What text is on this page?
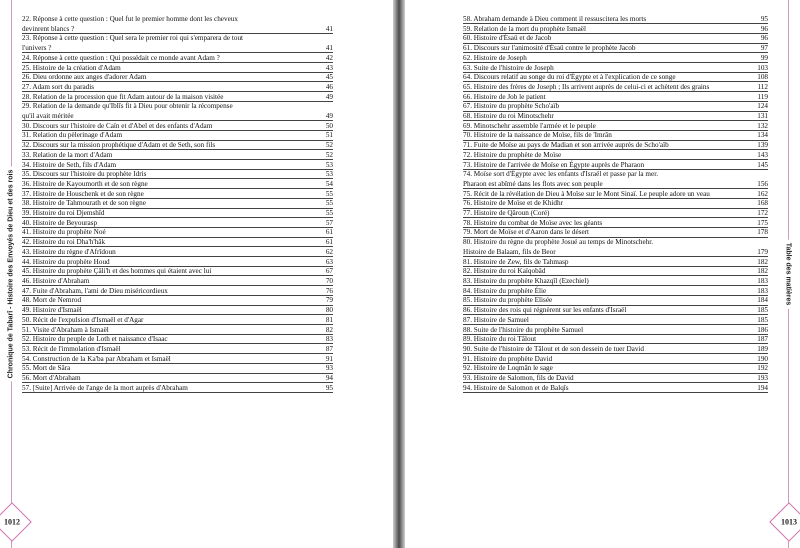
Chronique de Tabarî - Histoire des Envoyés de Dieu et des rois
22. Réponse à cette question : Quel fut le premier homme dont les cheveux
devinrent blancs ?	41
23. Réponse à cette question : Quel sera le premier roi qui s'emparera de tout
l'univers ?	41
24. Réponse à cette question : Qui possédait ce monde avant Adam ?	42
25. Histoire de la création d'Adam	43
26. Dieu ordonne aux anges d'adorer Adam	45
27. Adam sort du paradis	46
28. Relation de la procession que fit Adam autour de la maison visitée	49
29. Relation de la demande qu'Iblîs fit à Dieu pour obtenir la récompense
qu'il avait méritée	49
30. Discours sur l'histoire de Caïn et d'Abel et des enfants d'Adam	50
31. Relation du pèlerinage d'Adam	51
32. Discours sur la mission prophétique d'Adam et de Seth, son fils	52
33. Relation de la mort d'Adam	52
34. Histoire de Seth, fils d'Adam	53
35. Discours sur l'histoire du prophète Idris	53
36. Histoire de Kayoumorth et de son règne	54
37. Histoire de Houschenk et de son règne	55
38. Histoire de Tahmourath et de son règne	55
39. Histoire du roi Djemshîd	55
40. Histoire de Beyourasp	57
41. Histoire du prophète Noé	61
42. Histoire du roi Dha'h'hâk	61
43. Histoire du règne d'Afrîdoun	62
44. Histoire du prophète Houd	63
45. Histoire du prophète Çâli'h et des hommes qui étaient avec lui	67
46. Histoire d'Abraham	70
47. Fuite d'Abraham, l'ami de Dieu miséricordieux	76
48. Mort de Nemrod	79
49. Histoire d'Ismaël	80
50. Récit de l'expulsion d'Ismaël et d'Agar	81
51. Visite d'Abraham à Ismaël	82
52. Histoire du peuple de Loth et naissance d'Isaac	83
53. Récit de l'immolation d'Ismaël	87
54. Construction de la Ka'ba par Abraham et Ismaël	91
55. Mort de Sâra	93
56. Mort d'Abraham	94
57. [Suite] Arrivée de l'ange de la mort auprès d'Abraham	95
1012
58. Abraham demande à Dieu comment il ressuscitera les morts	95
59. Relation de la mort du prophète Ismaël	96
60. Histoire d'Ésaü et de Jacob	96
61. Discours sur l'animosité d'Ésaü contre le prophète Jacob	97
62. Histoire de Joseph	99
63. Suite de l'histoire de Joseph	103
64. Discours relatif au songe du roi d'Égypte et à l'explication de ce songe	108
65. Histoire des frères de Joseph ; Ils arrivent auprès de celui-ci et achètent des grains	112
66. Histoire de Job le patient	119
67. Histoire du prophète Scho'aïb	124
68. Histoire du roi Minotschehr	131
69. Minotschehr assemble l'armée et le peuple	132
70. Histoire de la naissance de Moïse, fils de 'Imrân	134
71. Fuite de Moïse au pays de Madian et son arrivée auprès de Scho'aïb	139
72. Histoire du prophète de Moïse	143
73. Histoire de l'arrivée de Moïse en Égypte auprès de Pharaon	145
74. Moïse sort d'Égypte avec les enfants d'Israël et passe par la mer.
Pharaon est abîmé dans les flots avec son peuple	156
75. Récit de la révélation de Dieu à Moïse sur le Mont Sinaï. Le peuple adore un veau	162
76. Histoire de Moïse et de Khidhr	168
77. Histoire de Qâroun (Coré)	172
78. Histoire du combat de Moïse avec les géants	175
79. Mort de Moïse et d'Aaron dans le désert	178
80. Histoire du règne du prophète Josué au temps de Minotschehr.
Histoire de Balaam, fils de Beor	179
81. Histoire de Zew, fils de Tahmasp	182
82. Histoire du roi Kaïqobâd	182
83. Histoire du prophète Khazqîl (Ezechiel)	183
84. Histoire du prophète Élie	183
85. Histoire du prophète Elisée	184
86. Histoire des rois qui régnèrent sur les enfants d'Israël	185
87. Histoire de Samuel	185
88. Suite de l'histoire du prophète Samuel	186
89. Histoire du roi Tâlout	187
90. Suite de l'histoire de Tâlout et de son dessein de tuer David	189
91. Histoire du prophète David	190
92. Histoire de Loqmân le sage	192
93. Histoire de Salomon, fils de David	193
94. Histoire de Salomon et de Balqîs	194
Table des matières
1013
